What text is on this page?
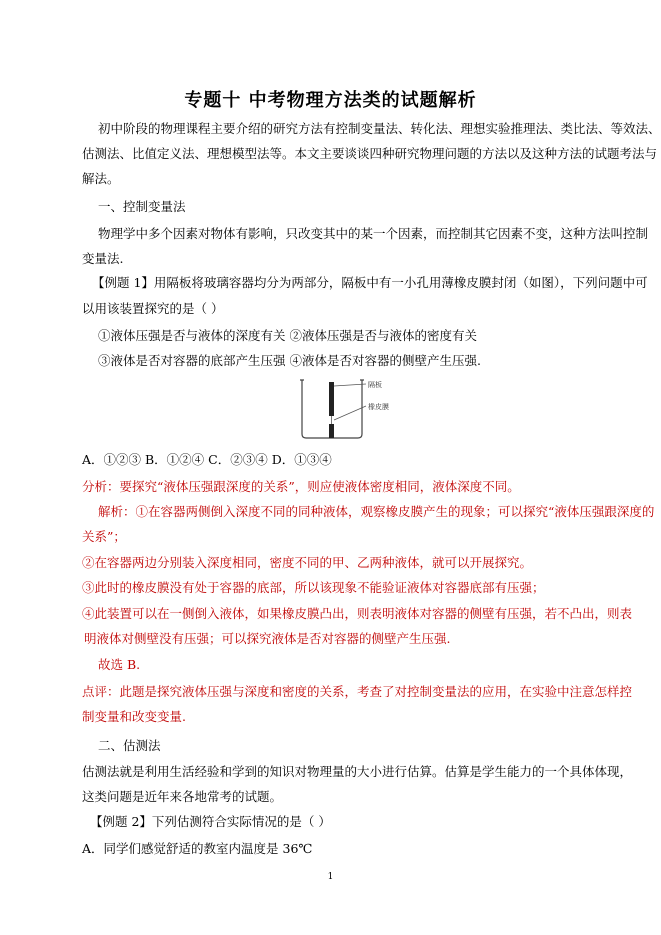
专题十 中考物理方法类的试题解析
初中阶段的物理课程主要介绍的研究方法有控制变量法、转化法、理想实验推理法、类比法、等效法、
估测法、比值定义法、理想模型法等。本文主要谈谈四种研究物理问题的方法以及这种方法的试题考法与
解法。
一、控制变量法
物理学中多个因素对物体有影响，只改变其中的某一个因素，而控制其它因素不变，这种方法叫控制
变量法.
【例题 1】用隔板将玻璃容器均分为两部分，隔板中有一小孔用薄橡皮膜封闭（如图），下列问题中可
以用该装置探究的是（ ）
①液体压强是否与液体的深度有关 ②液体压强是否与液体的密度有关
③液体是否对容器的底部产生压强 ④液体是否对容器的侧壁产生压强.
隔板
橡皮膜
A．①②③ B．①②④ C．②③④ D．①③④
分析：要探究“液体压强跟深度的关系”，则应使液体密度相同，液体深度不同。
解析：①在容器两侧倒入深度不同的同种液体，观察橡皮膜产生的现象；可以探究“液体压强跟深度的
关系”；
②在容器两边分别装入深度相同，密度不同的甲、乙两种液体，就可以开展探究。
③此时的橡皮膜没有处于容器的底部，所以该现象不能验证液体对容器底部有压强；
④此装置可以在一侧倒入液体，如果橡皮膜凸出，则表明液体对容器的侧壁有压强，若不凸出，则表
明液体对侧壁没有压强；可以探究液体是否对容器的侧壁产生压强.
故选 B.
点评：此题是探究液体压强与深度和密度的关系，考查了对控制变量法的应用，在实验中注意怎样控
制变量和改变变量.
二、估测法
估测法就是利用生活经验和学到的知识对物理量的大小进行估算。估算是学生能力的一个具体体现，
这类问题是近年来各地常考的试题。
【例题 2】下列估测符合实际情况的是（ ）
A．同学们感觉舒适的教室内温度是 36℃
1
